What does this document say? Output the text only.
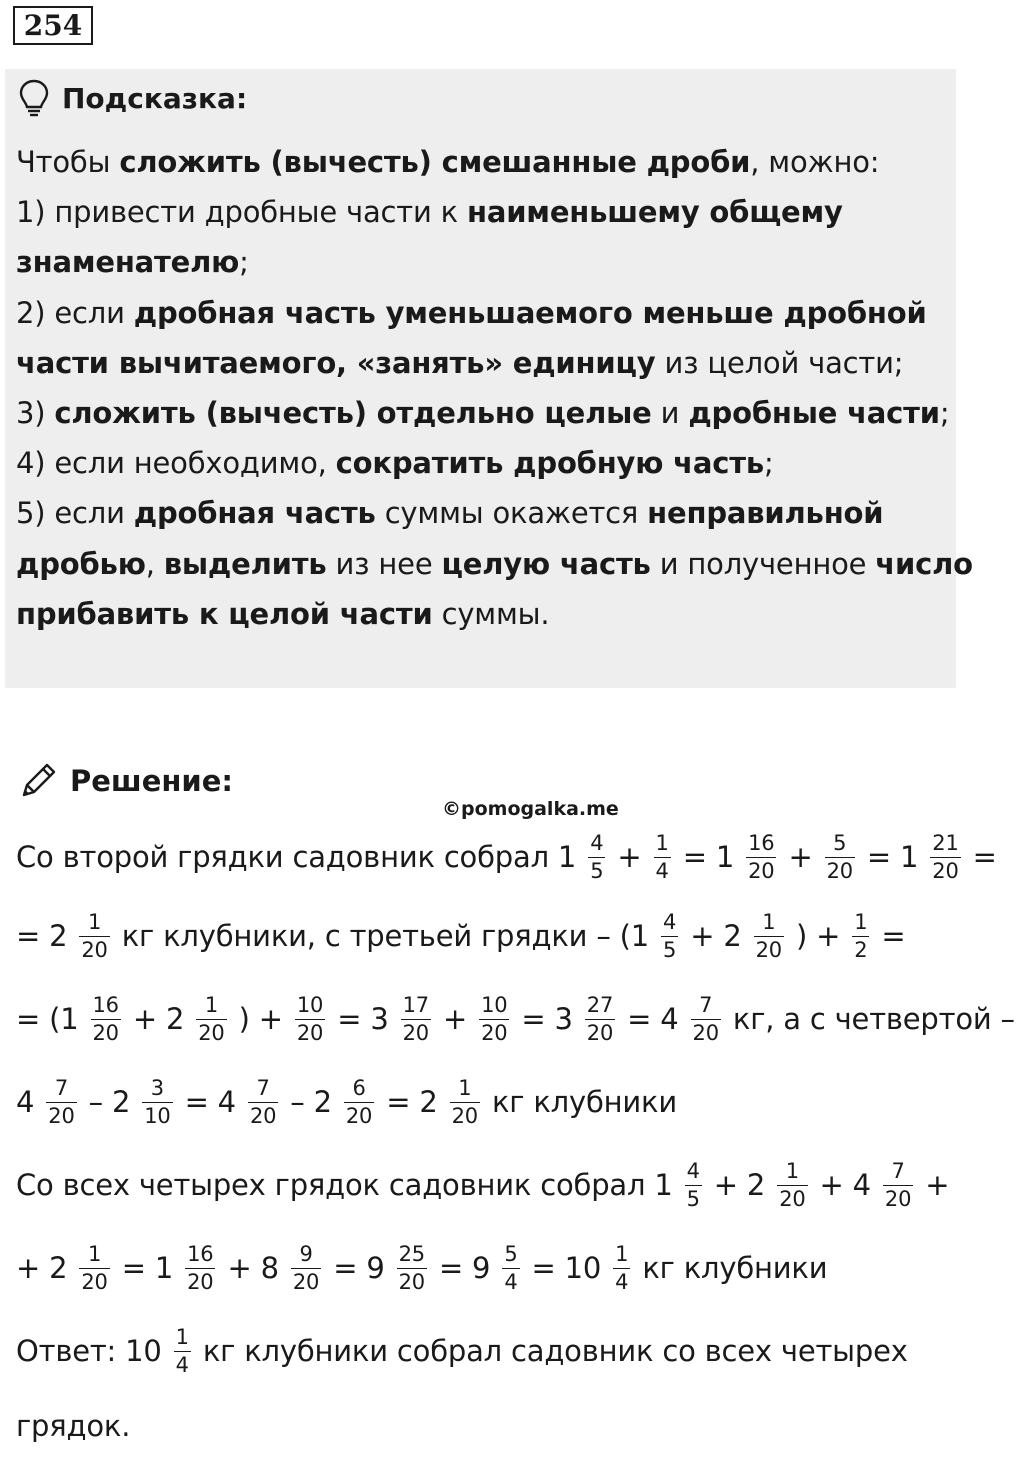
254
Подсказка:
Чтобы сложить (вычесть) смешанные дроби, можно:
1) привести дробные части к наименьшему общему
знаменателю;
2) если дробная часть уменьшаемого меньше дробной
части вычитаемого, «занять» единицу из целой части;
3) сложить (вычесть) отдельно целые и дробные части;
4) если необходимо, сократить дробную часть;
5) если дробная часть суммы окажется неправильной
дробью, выделить из нее целую часть и полученное число
прибавить к целой части суммы.
Решение:
©pomogalka.me
Со второй грядки садовник собрал $1 \frac{4}{5} + \frac{1}{4} = 1 \frac{16}{20} + \frac{5}{20} = 1 \frac{21}{20}$ =
= $2 \frac{1}{20}$ кг клубники, с третьей грядки – ($1 \frac{4}{5} + 2 \frac{1}{20}$ ) + $\frac{1}{2}$ =
= ($1 \frac{16}{20} + 2 \frac{1}{20}$ ) + $\frac{10}{20} = 3 \frac{17}{20} + \frac{10}{20} = 3 \frac{27}{20} = 4 \frac{7}{20}$ кг, а с четвертой –
$4 \frac{7}{20} - 2 \frac{3}{10} = 4 \frac{7}{20} - 2 \frac{6}{20} = 2 \frac{1}{20}$ кг клубники
Со всех четырех грядок садовник собрал $1 \frac{4}{5} + 2 \frac{1}{20} + 4 \frac{7}{20}$ +
+ $2 \frac{1}{20} = 1 \frac{16}{20} + 8 \frac{9}{20} = 9 \frac{25}{20} = 9 \frac{5}{4} = 10 \frac{1}{4}$ кг клубники
Ответ: $10 \frac{1}{4}$ кг клубники собрал садовник со всех четырех
грядок.
